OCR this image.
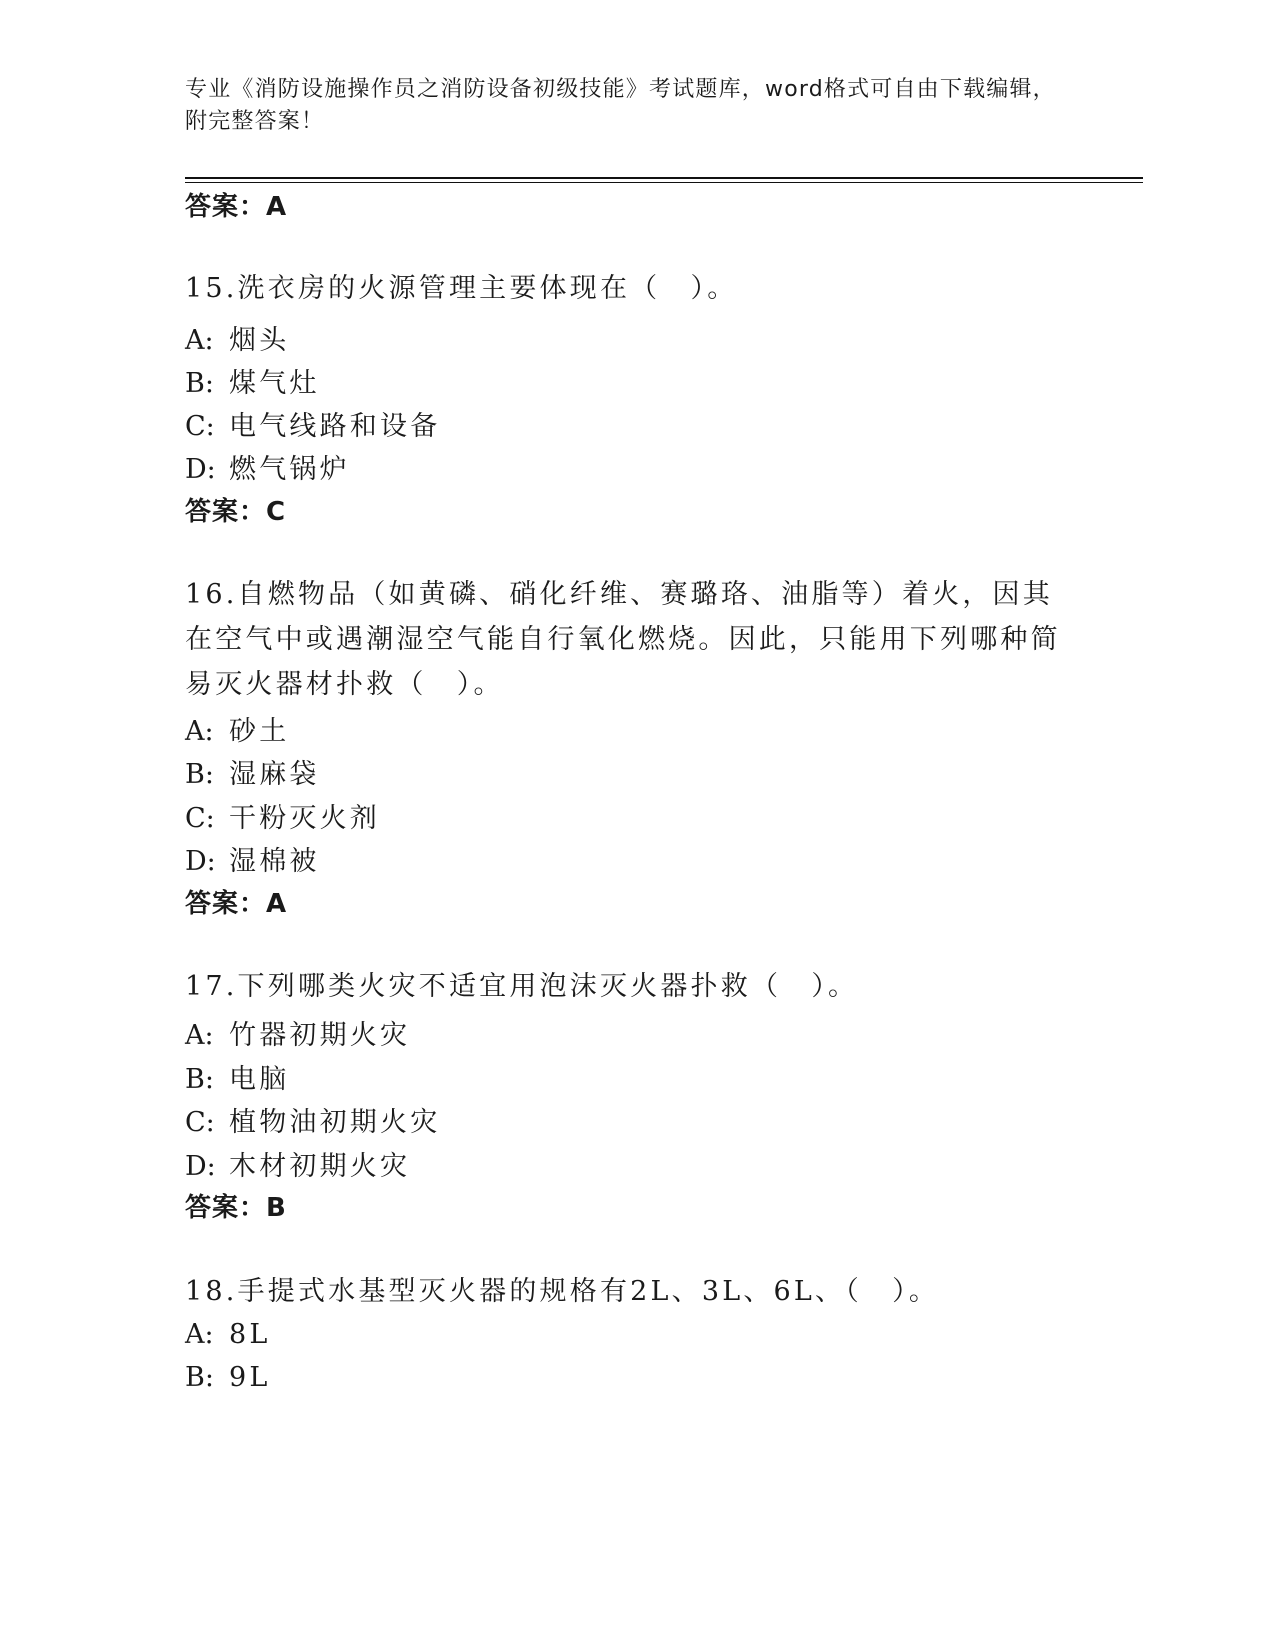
专业《消防设施操作员之消防设备初级技能》考试题库，word格式可自由下载编辑，附完整答案！
答案：A
15.洗衣房的火源管理主要体现在（　）。
A: 烟头
B: 煤气灶
C: 电气线路和设备
D: 燃气锅炉
答案：C
16.自燃物品（如黄磷、硝化纤维、赛璐珞、油脂等）着火，因其在空气中或遇潮湿空气能自行氧化燃烧。因此，只能用下列哪种简易灭火器材扑救（　）。
A: 砂土
B: 湿麻袋
C: 干粉灭火剂
D: 湿棉被
答案：A
17.下列哪类火灾不适宜用泡沫灭火器扑救（　）。
A: 竹器初期火灾
B: 电脑
C: 植物油初期火灾
D: 木材初期火灾
答案：B
18.手提式水基型灭火器的规格有2L、3L、6L、（　）。
A: 8L
B: 9L
